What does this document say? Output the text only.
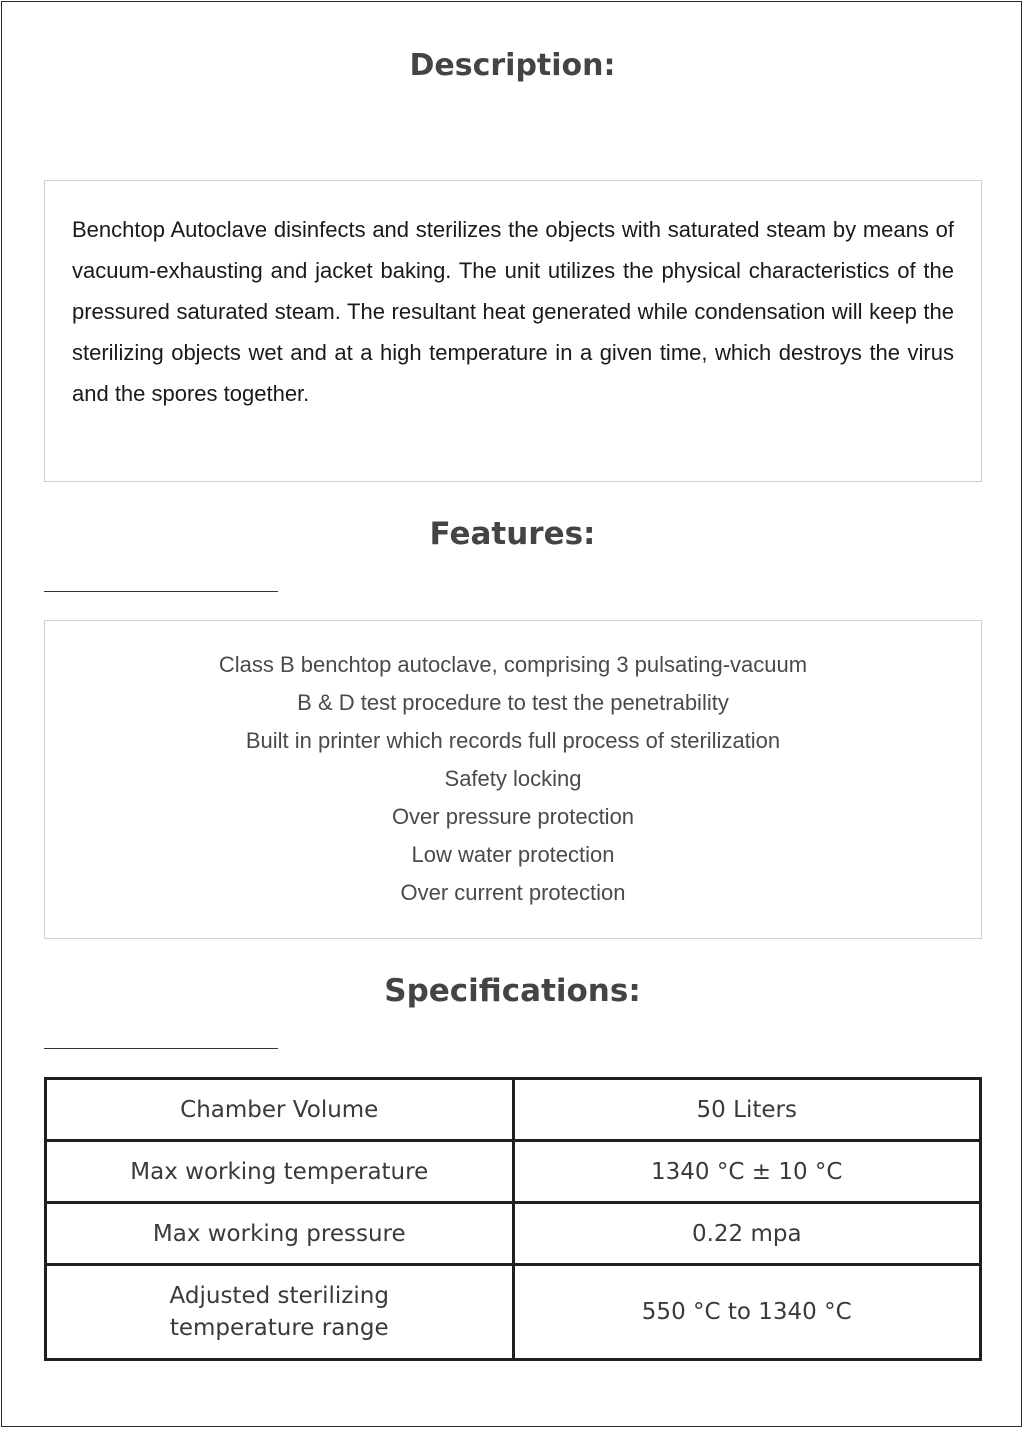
Description:

Benchtop Autoclave disinfects and sterilizes the objects with saturated steam by means of vacuum-exhausting and jacket baking. The unit utilizes the physical characteristics of the pressured saturated steam. The resultant heat generated while condensation will keep the sterilizing objects wet and at a high temperature in a given time, which destroys the virus and the spores together.

Features:
Class B benchtop autoclave, comprising 3 pulsating-vacuum
B & D test procedure to test the penetrability
Built in printer which records full process of sterilization
Safety locking
Over pressure protection
Low water protection
Over current protection
Specifications:
Chamber Volume	50 Liters
Max working temperature	1340 °C ± 10 °C
Max working pressure	0.22 mpa
Adjusted sterilizing temperature range	550 °C to 1340 °C
